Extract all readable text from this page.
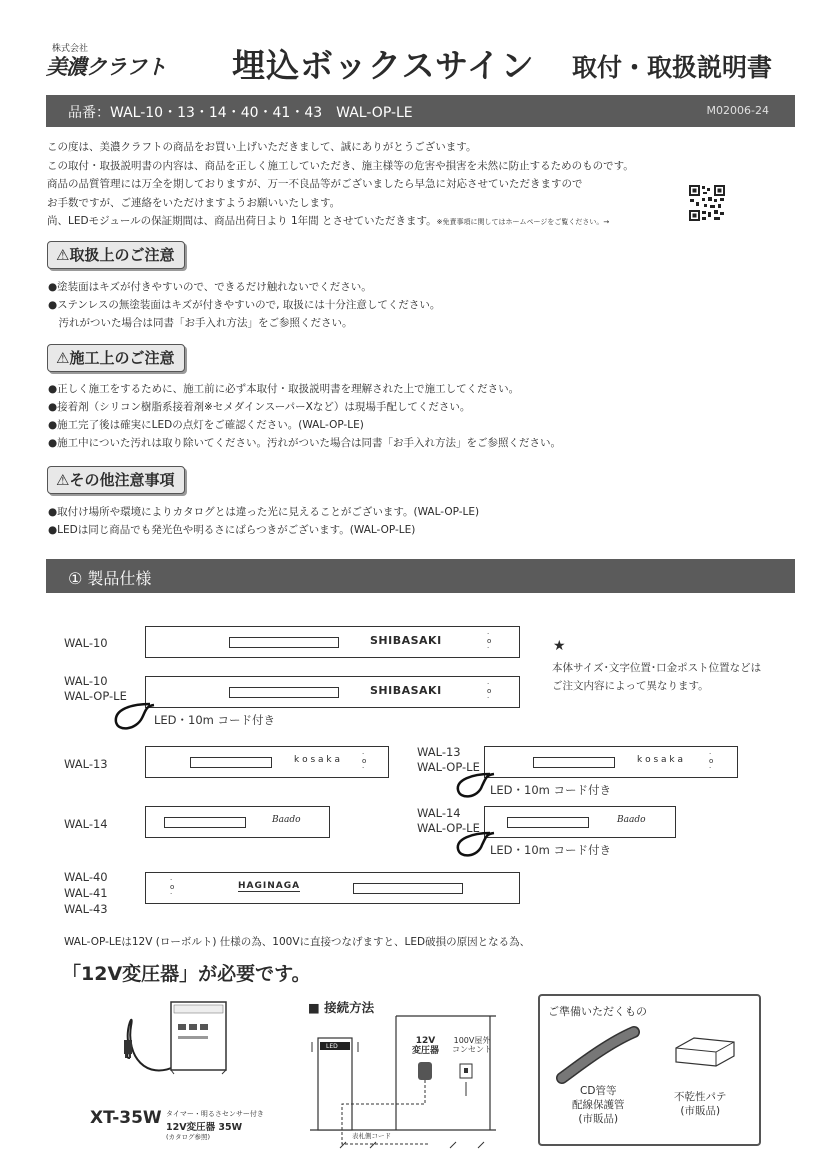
株式会社
美濃クラフト 埋込ボックスサイン 取付・取扱説明書
品番：WAL-10・13・14・40・41・43　WAL-OP-LE	M02006-24
この度は、美濃クラフトの商品をお買い上げいただきまして、誠にありがとうございます。
この取付・取扱説明書の内容は、商品を正しく施工していただき、施主様等の危害や損害を未然に防止するためのものです。
商品の品質管理には万全を期しておりますが、万一不良品等がございましたら早急に対応させていただきますので
お手数ですが、ご連絡をいただけますようお願いいたします。
尚、LEDモジュールの保証期間は、商品出荷日より 1年間 とさせていただきます。※免責事項に関してはホームページをご覧ください。→
⚠取扱上のご注意
●塗装面はキズが付きやすいので、できるだけ触れないでください。
●ステンレスの無塗装面はキズが付きやすいので, 取扱には十分注意してください。
　汚れがついた場合は同書「お手入れ方法」をご参照ください。
⚠施工上のご注意
●正しく施工をするために、施工前に必ず本取付・取扱説明書を理解された上で施工してください。
●接着剤（シリコン樹脂系接着剤※セメダインスーパーXなど）は現場手配してください。
●施工完了後は確実にLEDの点灯をご確認ください。(WAL-OP-LE)
●施工中についた汚れは取り除いてください。汚れがついた場合は同書「お手入れ方法」をご参照ください。
⚠その他注意事項
●取付け場所や環境によりカタログとは違った光に見えることがございます。(WAL-OP-LE)
●LEDは同じ商品でも発光色や明るさにばらつきがございます。(WAL-OP-LE)
① 製品仕様
WAL-10	SHIBASAKI	·
o
·
WAL-10
WAL-OP-LE	SHIBASAKI	·
o
·
LED・10m コード付き
★
本体サイズ･文字位置･口金ポスト位置などは
ご注文内容によって異なります。
WAL-13	k o s a k a
·
o
·
WAL-13
WAL-OP-LE	k o s a k a
·
o
·
LED・10m コード付き
WAL-14	Baado	WAL-14
WAL-OP-LE
Baado
LED・10m コード付き
WAL-40
WAL-41
WAL-43
·
o
·
HAGINAGA
WAL-OP-LEは12V (ローボルト) 仕様の為、100Vに直接つなげますと、LED破損の原因となる為、
「12V変圧器」が必要です。
XT-35W タイマー・明るさセンサー付き
12V変圧器 35W
(カタログ参照)
■ 接続方法
LED
12V
変圧器
100V屋外
コンセント
表札側コード
ご準備いただくもの
CD管等
配線保護管
(市販品)
不乾性パテ
(市販品)
